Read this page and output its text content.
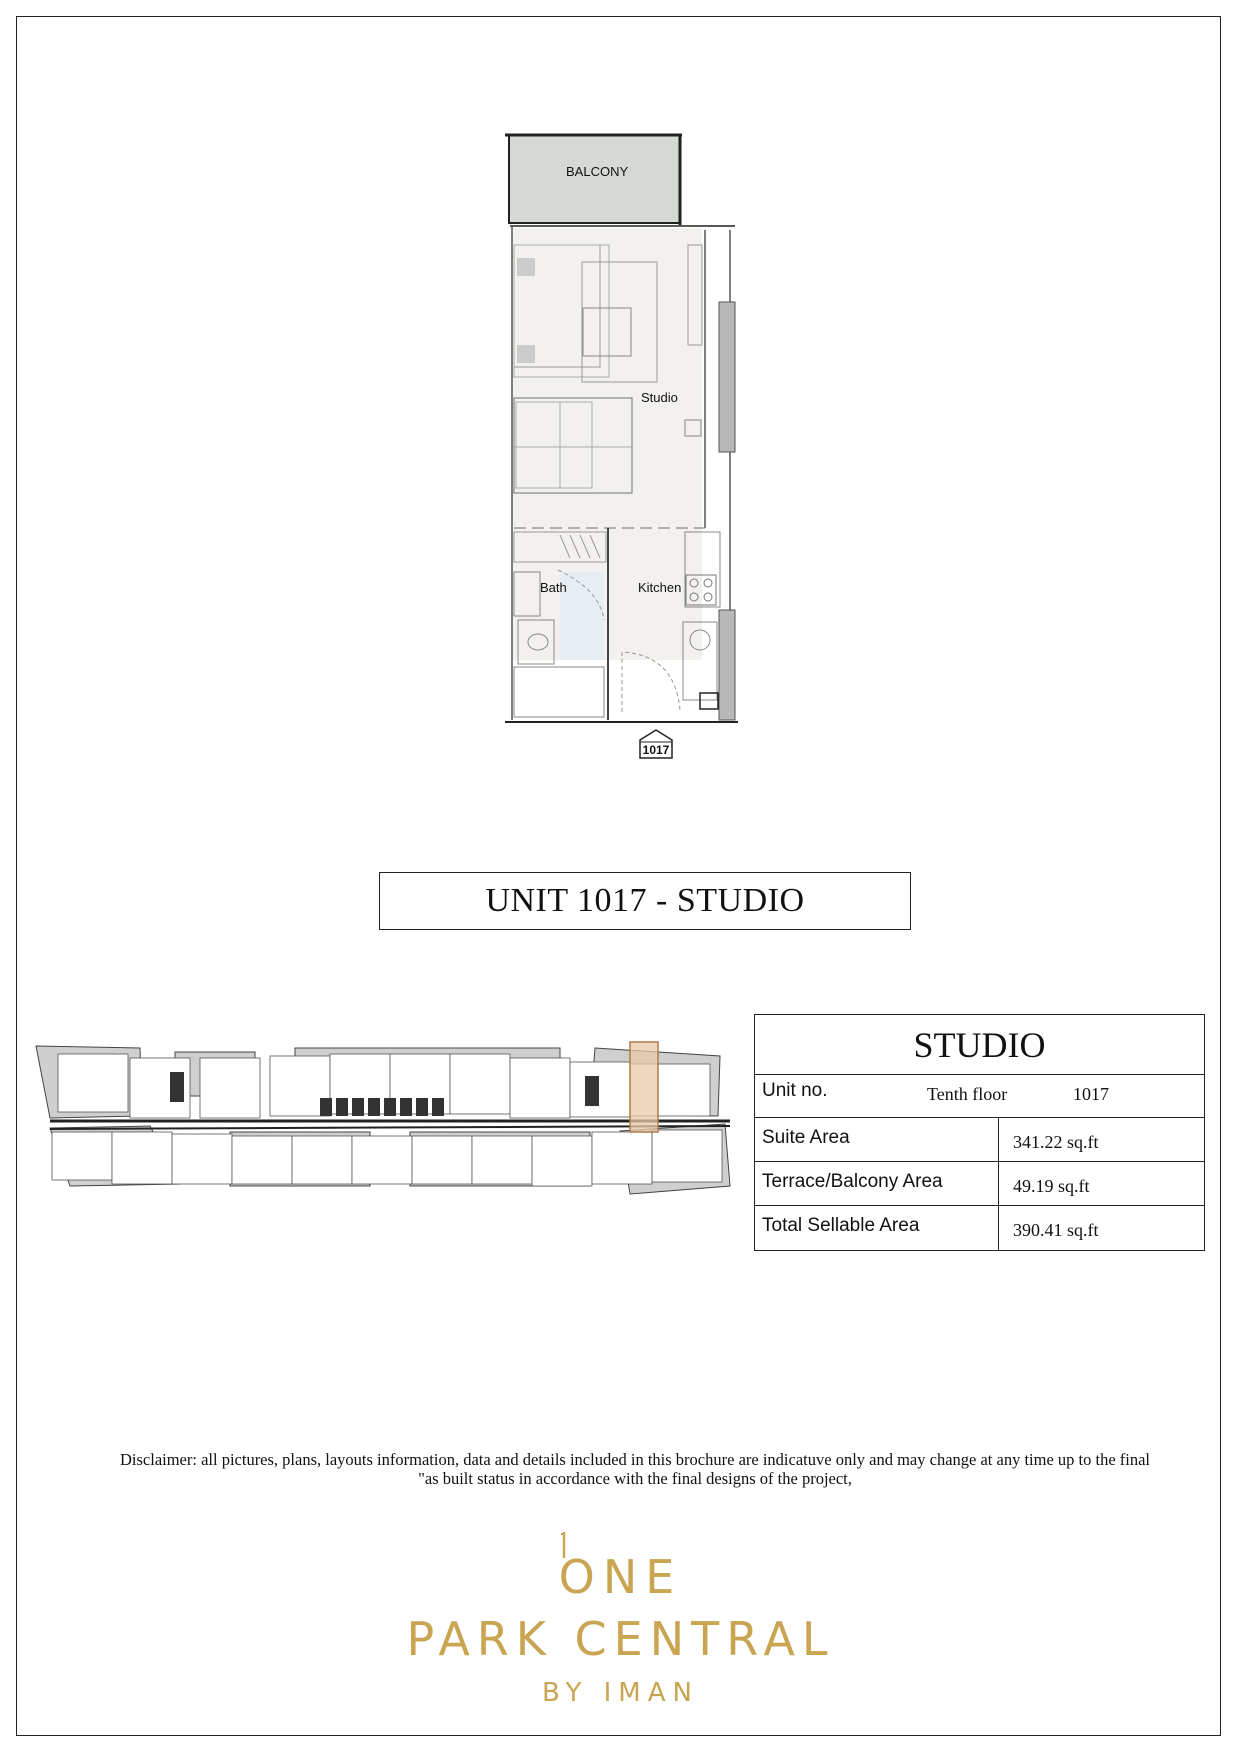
BALCONY
Studio
Bath	Kitchen
1017
UNIT 1017 - STUDIO
STUDIO
Unit no.	Tenth floor	1017
Suite Area	341.22 sq.ft
Terrace/Balcony Area	49.19 sq.ft
Total Sellable Area	390.41 sq.ft
Disclaimer: all pictures, plans, layouts information, data and details included in this brochure are indicatuve only and may change at any time up to the final
"as built status in accordance with the final designs of the project,
ONE
PARK CENTRAL
BY IMAN
